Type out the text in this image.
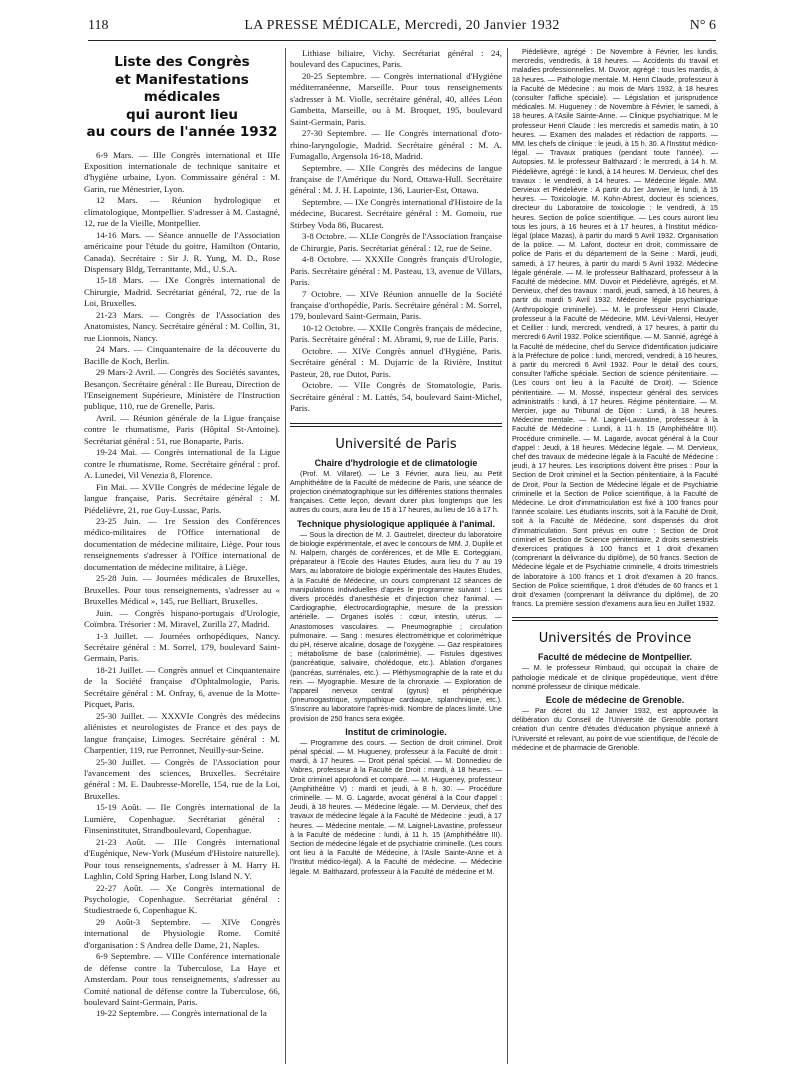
118	LA PRESSE MÉDICALE, Mercredi, 20 Janvier 1932	N° 6
Liste des Congrès
et Manifestations médicales
qui auront lieu
au cours de l'année 1932

6-9 Mars. — IIIe Congrès international et IIIe Exposition internationale de technique sanitaire et d'hygiène urbaine, Lyon. Commissaire général : M. Garin, rue Ménestrier, Lyon.

12 Mars. — Réunion hydrologique et climatologique, Montpellier. S'adresser à M. Castagné, 12, rue de la Vieille, Montpellier.

14-16 Mars. — Séance annuelle de l'Association américaine pour l'étude du goitre, Hamilton (Ontario, Canada). Secrétaire : Sir J. R. Yung, M. D., Rose Dispensary Bldg, Terranttante, Md., U.S.A.

15-18 Mars. — IXe Congrès international de Chirurgie, Madrid. Secrétariat général, 72, rue de la Loi, Bruxelles.

21-23 Mars. — Congrès de l'Association des Anatomistes, Nancy. Secrétaire général : M. Collin, 31, rue Lionnois, Nancy.

24 Mars. — Cinquantenaire de la découverte du Bacille de Koch, Berlin.

29 Mars-2 Avril. — Congrès des Sociétés savantes, Besançon. Secrétaire général : IIe Bureau, Direction de l'Enseignement Supérieure, Ministère de l'Instruction publique, 110, rue de Grenelle, Paris.

Avril. — Réunion générale de la Ligue française contre le rhumatisme, Paris (Hôpital St-Antoine). Secrétariat général : 51, rue Bonaparte, Paris.

19-24 Mai. — Congrès international de la Ligue contre le rhumatisme, Rome. Secrétaire général : prof. A. Lunedei, Vil Venezia 8, Florence.

Fin Mai. — XVIIe Congrès de médecine légale de langue française, Paris. Secrétaire général : M. Piédelièvre, 21, rue Guy-Lussac, Paris.

23-25 Juin. — 1re Session des Conférences médico-militaires de l'Office international de documentation de médecine militaire, Liège. Pour tous renseignements s'adresser à l'Office international de documentation de médecine militaire, à Liège.

25-28 Juin. — Journées médicales de Bruxelles, Bruxelles. Pour tous renseignements, s'adresser au « Bruxelles Médical », 145, rue Belliart, Bruxelles.

Juin. — Congrès hispano-portugais d'Urologie, Coïmbra. Trésorier : M. Miravel, Zurilla 27, Madrid.

1-3 Juillet. — Journées orthopédiques, Nancy. Secrétaire général : M. Sorrel, 179, boulevard Saint-Germain, Paris.

18-21 Juillet. — Congrès annuel et Cinquantenaire de la Société française d'Ophtalmologie, Paris. Secrétaire général : M. Onfray, 6, avenue de la Motte-Picquet, Paris.

25-30 Juillet. — XXXVIe Congrès des médecins aliénistes et neurologistes de France et des pays de langue française, Limoges. Secrétaire général : M. Charpentier, 119, rue Perronnet, Neuilly-sur-Seine.

25-30 Juillet. — Congrès de l'Association pour l'avancement des sciences, Bruxelles. Secrétaire général : M. E. Daubresse-Morelle, 154, rue de la Loi, Bruxelles.

15-19 Août. — IIe Congrès international de la Lumière, Copenhague. Secrétariat général : Finseninstitutet, Strandboulevard, Copenhague.

21-23 Août. — IIIe Congrès international d'Eugénique, New-York (Muséum d'Histoire naturelle). Pour tous renseignements, s'adresser à M. Harry H. Laghlin, Cold Spring Harber, Long Island N. Y.

22-27 Août. — Xe Congrès international de Psychologie, Copenhague. Secrétariat général : Studiestraede 6, Copenhague K.

29 Août-3 Septembre. — XIVe Congrès international de Physiologie Rome. Comité d'organisation : S Andrea delle Dame, 21, Naples.

6-9 Septembre. — VIIIe Conférence internationale de défense contre la Tuberculose, La Haye et Amsterdam. Pour tous renseignements, s'adresser au Comité national de défense contre la Tuberculose, 66, boulevard Saint-Germain, Paris.

19-22 Septembre. — Congrès international de la

Lithiase biliaire, Vichy. Secrétariat général : 24, boulevard des Capucines, Paris.

20-25 Septembre. — Congrès international d'Hygiène méditerranéenne, Marseille. Pour tous renseignements s'adresser à M. Violle, secrétaire général, 40, allées Léon Gambetta, Marseille, ou à M. Broquet, 195, boulevard Saint-Germain, Paris.

27-30 Septembre. — IIe Congrès international d'oto-rhino-laryngologie, Madrid. Secrétaire général : M. A. Fumagallo, Argensola 16-18, Madrid.

Septembre. — XIIe Congrès des médecins de langue française de l'Amérique du Nord, Ottawa-Hull. Secrétaire général : M. J. H. Lapointe, 136, Laurier-Est, Ottawa.

Septembre. — IXe Congrès international d'Histoire de la médecine, Bucarest. Secrétaire général : M. Gomoiu, rue Stirbey Voda 86, Bucarest.

3-8 Octobre. — XLIe Congrès de l'Association française de Chirurgie, Paris. Secrétariat général : 12, rue de Seine.

4-8 Octobre. — XXXIIe Congrès français d'Urologie, Paris. Secrétaire général : M. Pasteau, 13, avenue de Villars, Paris.

7 Octobre. — XIVe Réunion annuelle de la Société française d'orthopédie, Paris. Secrétaire général : M. Sorrel, 179, boulevard Saint-Germain, Paris.

10-12 Octobre. — XXIIe Congrès français de médecine, Paris. Secrétaire général : M. Abrami, 9, rue de Lille, Paris.

Octobre. — XIVe Congrès annuel d'Hygiène, Paris. Secrétaire général : M. Dujarric de la Rivière, Institut Pasteur, 28, rue Dutot, Paris.

Octobre. — VIIe Congrès de Stomatologie, Paris. Secrétaire général : M. Lattès, 54, boulevard Saint-Michel, Paris.

Université de Paris
Chaire d'hydrologie et de climatologie

(Prof. M. Villaret). — Le 3 Février, aura lieu, au Petit Amphithéâtre de la Faculté de médecine de Paris, une séance de projection cinématographique sur les différentes stations thermales françaises. Cette leçon, devant durer plus longtemps que les autres du cours, aura lieu de 15 à 17 heures, au lieu de 16 à 17 h.

Technique physiologique appliquée à l'animal.

— Sous la direction de M. J. Gautrelet, directeur du laboratoire de biologie expérimentale, et avec le concours de MM. J. Duplile et N. Halpern, chargés de conférences, et de Mlle E. Corteggiani, préparateur à l'Ecole des Hautes Etudes, aura lieu du 7 au 19 Mars, au laboratoire de biologie expérimentale des Hautes Etudes, à la Faculté de Médecine, un cours comprenant 12 séances de manipulations individuelles d'après le programme suivant : Les divers procédés d'anesthésie et d'injection chez l'animal. — Cardiographie, électrocardiographie, mesure de la pression artérielle. — Organes isolés : cœur, intestin, utérus. — Anastomoses vasculaires. — Pneumographie ; circulation pulmonaire. — Sang : mesures électrométrique et colorimétrique du pH, réserve alcaline, dosage de l'oxygène. — Gaz respiratoires ; métabolisme de base (calorimétrie). — Fistules digestives (pancréatique, salivaire, cholédoque, etc.). Ablation d'organes (pancréas, surrénales, etc.). — Pléthysmographie de la rate et du rein. — Myographie. Mesure de la chronaxie. — Exploration de l'appareil nerveux central (gyrus) et périphérique (pneumogastrique, sympathique cardiaque, splanchnique, etc.). S'inscrire au laboratoire l'après-midi. Nombre de places limité. Une provision de 250 francs sera exigée.

Institut de criminologie.

— Programme des cours. — Section de droit criminel. Droit pénal spécial. — M. Hugueney, professeur à la Faculté de droit : mardi, à 17 heures. — Droit pénal spécial. — M. Donnedieu de Vabres, professeur à la Faculté de Droit : mardi, à 18 heures. — Droit criminel approfondi et comparé. — M. Hugueney, professeur (Amphithéâtre V) : mardi et jeudi, à 8 h. 30. — Procédure criminelle. — M. G. Lagarde, avocat général à la Cour d'appel : Jeudi, à 18 heures. — Médecine légale. — M. Dervieux, chef des travaux de médecine légale à la Faculté de Médecine : jeudi, à 17 heures. — Médecine mentale. — M. Laignel-Lavastine, professeur à la Faculté de médecine : lundi, à 11 h. 15 (Amphithéâtre III). Section de médecine légale et de psychiatrie criminelle. (Les cours ont lieu à la Faculté de Médecine, à l'Asile Sainte-Anne et à l'Institut médico-légal). A la Faculté de médecine. — Médecine légale. M. Balthazard, professeur à la Faculté de médecine et M.

Piédelièvre, agrégé : De Novembre à Février, les lundis, mercredis, vendredis, à 18 heures. — Accidents du travail et maladies professionnelles. M. Duvoir, agrégé : tous les mardis, à 18 heures. — Pathologie mentale. M. Henri Claude, professeur à la Faculté de Médecine : au mois de Mars 1932, à 18 heures (consulter l'affiche spéciale). — Législation et jurisprudence médicales. M. Hugueney : de Novembre à Février, le samedi, à 18 heures. A l'Asile Sainte-Anne. — Clinique psychiatrique. M le professeur Henri Claude : les mercredis et samedis matin, à 10 heures. — Examen des malades et rédaction de rapports. — MM. les chefs de clinique : le jeudi, à 15 h. 30. A l'Institut médico-légal. — Travaux pratiques (pendant toute l'année). — Autopsies. M. le professeur Balthazard : le mercredi, à 14 h. M. Piédelièvre, agrégé : le lundi, à 14 heures. M. Dervieux, chef des travaux : le vendredi, à 14 heures. — Médecine légale. MM. Dervieux et Piédelièvre : A partir du 1er Janvier, le lundi, à 15 heures. — Toxicologie. M. Kohn-Abrest, docteur ès sciences, directeur du Laboratoire de toxicologie : le vendredi, à 15 heures. Section de police scientifique. — Les cours auront lieu tous les jours, à 16 heures et à 17 heures, à l'Institut médico-légal (place Mazas), à partir du mardi 5 Avril 1932. Organisation de la police. — M. Lafont, docteur en droit, commissaire de police de Paris et du département de la Seine : Mardi, jeudi, samedi, à 17 heures, à partir du mardi 5 Avril 1932. Médecine légale générale. — M. le professeur Balthazard, professeur à la Faculté de médecine. MM. Duvoir et Piédelièvre, agrégés, et M. Dervieux, chef des travaux : mardi, jeudi, samedi, à 16 heures, à partir du mardi 5 Avril 1932. Médecine légale psychiatrique (Anthropologie criminelle). — M. le professeur Henri Claude, professeur à la Faculté de Médecine, MM. Lévi-Valensi, Heuyer et Ceillier : lundi, mercredi, vendredi, à 17 heures, à partir du mercredi 6 Avril 1932. Police scientifique. — M. Sannié, agrégé à la Faculté de médecine, chef du Service d'identification judiciaire à la Préfecture de police : lundi, mercredi, vendredi, à 16 heures, à partir du mercredi 6 Avril 1932. Pour le détail des cours, consulter l'affiche spéciale. Section de science pénitentiaire. — (Les cours ont lieu à la Faculté de Droit). — Science pénitentiaire. — M. Mossé, inspecteur général des services administratifs : lundi, à 17 heures. Régime pénitentiaire. — M. Mercier, juge au Tribunal de Dijon : Lundi, à 18 heures. Médecine mentale. — M. Laignel-Lavastine, professeur à la Faculté de Médecine : Lundi, à 11 h. 15 (Amphithéâtre III). Procédure criminelle. — M. Lagarde, avocat général à la Cour d'appel : Jeudi, à 18 heures. Médecine légale. — M. Dervieux, chef des travaux de médecine légale à la Faculté de Médecine : jeudi, à 17 heures. Les inscriptions doivent être prises : Pour la Section de Droit criminel et la Section pénitentiaire, à la Faculté de Droit, Pour la Section de Médecine légale et de Psychiatrie criminelle et la Section de Police scientifique, à la Faculté de Médecine. Le droit d'immatriculation est fixé à 100 francs pour l'année scolaire. Les étudiants inscrits, soit à la Faculté de Droit, soit à la Faculté de Médecine, sont dispensés du droit d'immatriculation. Sont prévus en outre : Section de Droit criminel et Section de Science pénitentiaire, 2 droits semestriels d'exercices pratiques à 100 francs et 1 droit d'examen (comprenant la délivrance du diplôme), de 50 francs. Section de Médecine légale et de Psychiatrie criminelle, 4 droits trimestriels de laboratoire à 100 francs et 1 droit d'examen à 20 francs. Section de Police scientifique, 1 droit d'études de 60 francs et 1 droit d'examen (comprenant la délivrance du diplôme), de 20 francs. La première session d'examens aura lieu en Juillet 1932.

Universités de Province
Faculté de médecine de Montpellier.

— M. le professeur Rimbaud, qui occupait la chaire de pathologie médicale et de clinique propédeutique, vient d'être nommé professeur de clinique médicale.

Ecole de médecine de Grenoble.

— Par décret du 12 Janvier 1932, est approuvée la délibération du Conseil de l'Université de Grenoble portant création d'un centre d'études d'éducation physique annexé à l'Université et relevant, au point de vue scientifique, de l'école de médecine et de pharmacie de Grenoble.
